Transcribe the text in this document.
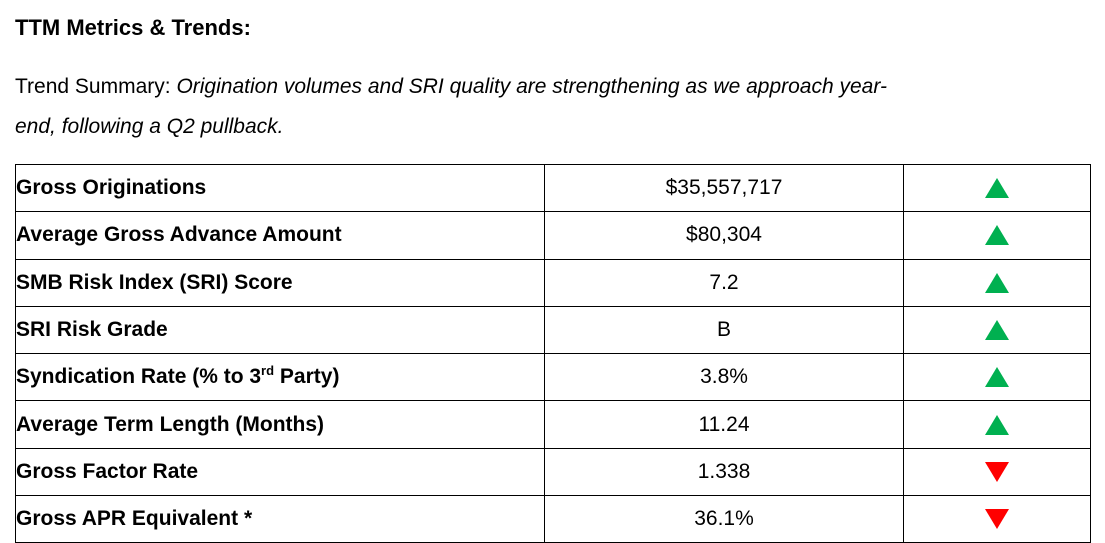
TTM Metrics & Trends:

Trend Summary: Origination volumes and SRI quality are strengthening as we approach year-
end, following a Q2 pullback.

Gross Originations	$35,557,717	

Average Gross Advance Amount	$80,304	

SMB Risk Index (SRI) Score	7.2	

SRI Risk Grade	B	

Syndication Rate (% to 3rd Party)	3.8%	

Average Term Length (Months)	11.24	

Gross Factor Rate	1.338	

Gross APR Equivalent *	36.1%	
